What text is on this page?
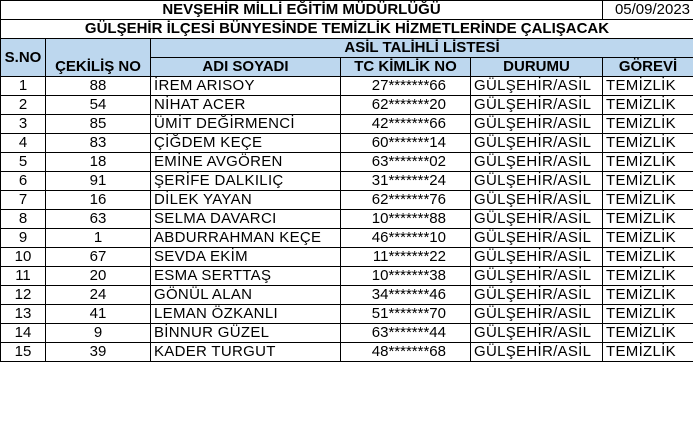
NEVŞEHİR MİLLİ EĞİTİM MÜDÜRLÜĞÜ					05/09/2023
GÜLŞEHİR İLÇESİ BÜNYESİNDE TEMİZLİK HİZMETLERİNDE ÇALIŞACAK					
S.NO	ÇEKİLİŞ NO	ASİL TALİHLİ LİSTESİ			
		ADI SOYADI	TC KİMLİK NO	DURUMU	GÖREVİ
1	88	İREM ARISOY	27*******66	GÜLŞEHİR/ASİL	TEMİZLİK
2	54	NİHAT ACER	62*******20	GÜLŞEHİR/ASİL	TEMİZLİK
3	85	ÜMİT DEĞİRMENCİ	42*******66	GÜLŞEHİR/ASİL	TEMİZLİK
4	83	ÇİĞDEM KEÇE	60*******14	GÜLŞEHİR/ASİL	TEMİZLİK
5	18	EMİNE AVGÖREN	63*******02	GÜLŞEHİR/ASİL	TEMİZLİK
6	91	ŞERİFE DALKILIÇ	31*******24	GÜLŞEHİR/ASİL	TEMİZLİK
7	16	DİLEK YAYAN	62*******76	GÜLŞEHİR/ASİL	TEMİZLİK
8	63	SELMA DAVARCI	10*******88	GÜLŞEHİR/ASİL	TEMİZLİK
9	1	ABDURRAHMAN KEÇE	46*******10	GÜLŞEHİR/ASİL	TEMİZLİK
10	67	SEVDA EKİM	11*******22	GÜLŞEHİR/ASİL	TEMİZLİK
11	20	ESMA SERTTAŞ	10*******38	GÜLŞEHİR/ASİL	TEMİZLİK
12	24	GÖNÜL ALAN	34*******46	GÜLŞEHİR/ASİL	TEMİZLİK
13	41	LEMAN ÖZKANLI	51*******70	GÜLŞEHİR/ASİL	TEMİZLİK
14	9	BİNNUR GÜZEL	63*******44	GÜLŞEHİR/ASİL	TEMİZLİK
15	39	KADER TURGUT	48*******68	GÜLŞEHİR/ASİL	TEMİZLİK
